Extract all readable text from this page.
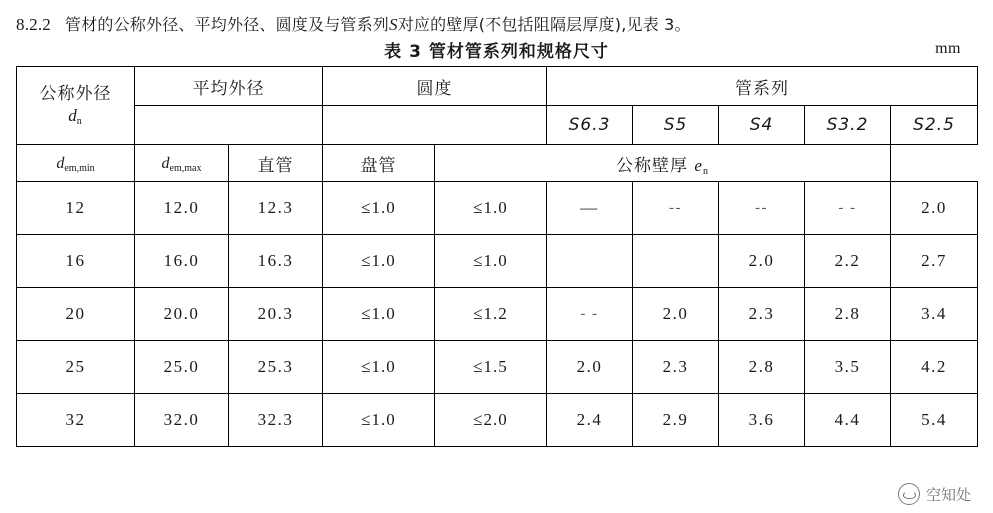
8.2.2 管材的公称外径、平均外径、圆度及与管系列S对应的壁厚(不包括阻隔层厚度),见表 3。
表 3 管材管系列和规格尺寸	mm
公称外径
$d_n$	平均外径		圆度		管系列				
					S6.3	S5	S4	S3.2	S2.5

$d_{em,min}$	$d_{em,max}$	直管	盘管	公称壁厚 $e_n$
12	12.0	12.3	≤1.0	≤1.0	—	--	--	- -	2.0
16	16.0	16.3	≤1.0	≤1.0			2.0	2.2	2.7
20	20.0	20.3	≤1.0	≤1.2	- -	2.0	2.3	2.8	3.4
25	25.0	25.3	≤1.0	≤1.5	2.0	2.3	2.8	3.5	4.2
32	32.0	32.3	≤1.0	≤2.0	2.4	2.9	3.6	4.4	5.4
空知处
